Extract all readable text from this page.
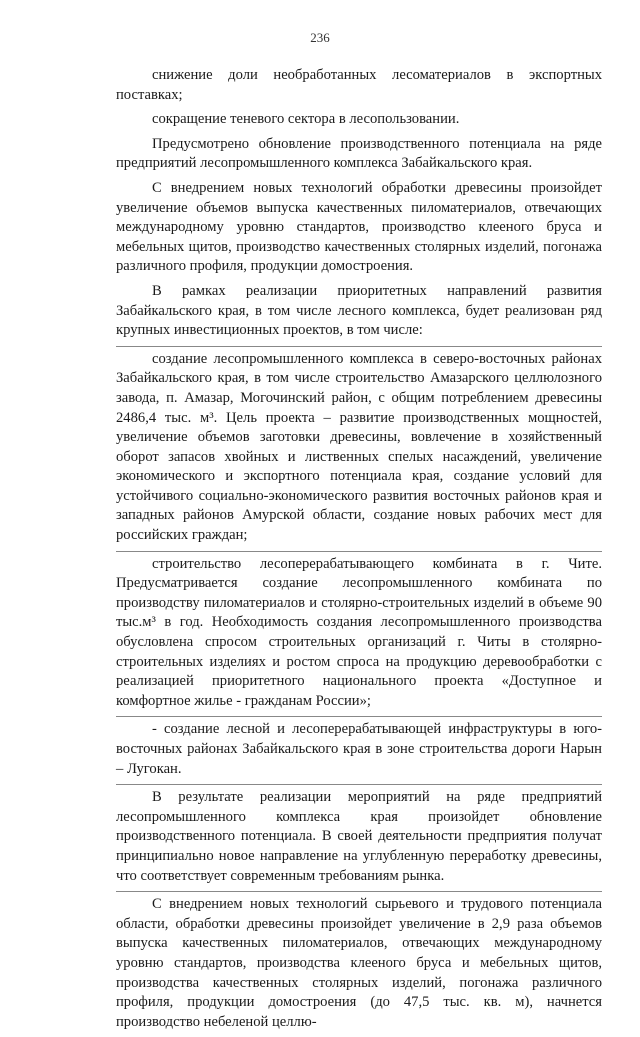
236

снижение доли необработанных лесоматериалов в экспортных поставках;

сокращение теневого сектора в лесопользовании.

Предусмотрено обновление производственного потенциала на ряде предприятий лесопромышленного комплекса Забайкальского края.

С внедрением новых технологий обработки древесины произойдет увеличение объемов выпуска качественных пиломатериалов, отвечающих международному уровню стандартов, производство клееного бруса и мебельных щитов, производство качественных столярных изделий, погонажа различного профиля, продукции домостроения.

В рамках реализации приоритетных направлений развития Забайкальского края, в том числе лесного комплекса, будет реализован ряд крупных инвестиционных проектов, в том числе:

создание лесопромышленного комплекса в северо-восточных районах Забайкальского края, в том числе строительство Амазарского целлюлозного завода, п. Амазар, Могочинский район, с общим потреблением древесины 2486,4 тыс. м³. Цель проекта – развитие производственных мощностей, увеличение объемов заготовки древесины, вовлечение в хозяйственный оборот запасов хвойных и лиственных спелых насаждений, увеличение экономического и экспортного потенциала края, создание условий для устойчивого социально-экономического развития восточных районов края и западных районов Амурской области, создание новых рабочих мест для российских граждан;

строительство лесоперерабатывающего комбината в г. Чите. Предусматривается создание лесопромышленного комбината по производству пиломатериалов и столярно-строительных изделий в объеме 90 тыс.м³ в год. Необходимость создания лесопромышленного производства обусловлена спросом строительных организаций г. Читы в столярно-строительных изделиях и ростом спроса на продукцию деревообработки с реализацией приоритетного национального проекта «Доступное и комфортное жилье - гражданам России»;

- создание лесной и лесоперерабатывающей инфраструктуры в юго-восточных районах Забайкальского края в зоне строительства дороги Нарын – Лугокан.

В результате реализации мероприятий на ряде предприятий лесопромышленного комплекса края произойдет обновление производственного потенциала. В своей деятельности предприятия получат принципиально новое направление на углубленную переработку древесины, что соответствует современным требованиям рынка.

С внедрением новых технологий сырьевого и трудового потенциала области, обработки древесины произойдет увеличение в 2,9 раза объемов выпуска качественных пиломатериалов, отвечающих международному уровню стандартов, производства клееного бруса и мебельных щитов, производства качественных столярных изделий, погонажа различного профиля, продукции домостроения (до 47,5 тыс. кв. м), начнется производство небеленой целлю-
